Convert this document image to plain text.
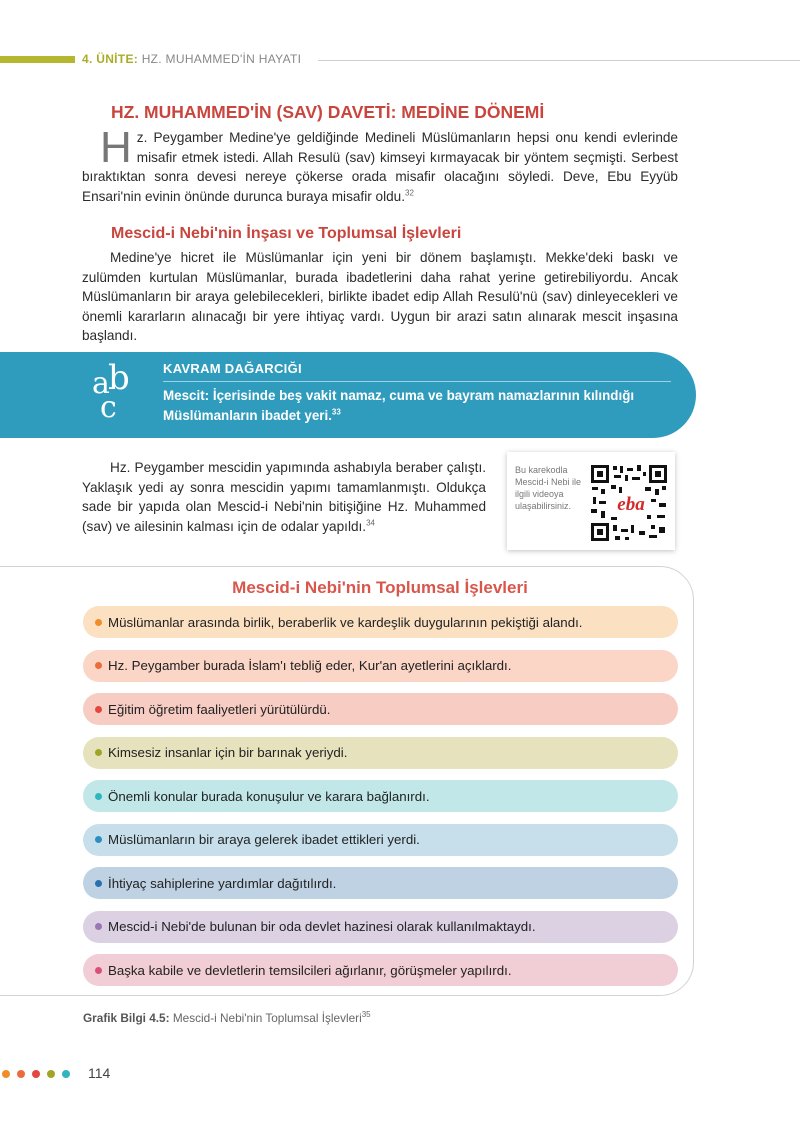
4. ÜNİTE: HZ. MUHAMMED'İN HAYATI
HZ. MUHAMMED'İN (SAV) DAVETİ: MEDİNE DÖNEMİ
H z. Peygamber Medine'ye geldiğinde Medineli Müslümanların hepsi onu kendi evlerinde misafir etmek istedi. Allah Resulü (sav) kimseyi kırmayacak bir yöntem seçmişti. Serbest bıraktıktan sonra devesi nereye çökerse orada misafir olacağını söyledi. Deve, Ebu Eyyüb Ensari'nin evinin önünde durunca buraya misafir oldu.$^{32}$
Mescid-i Nebi'nin İnşası ve Toplumsal İşlevleri

Medine'ye hicret ile Müslümanlar için yeni bir dönem başlamıştı. Mekke'deki baskı ve zulümden kurtulan Müslümanlar, burada ibadetlerini daha rahat yerine getirebiliyordu. Ancak Müslümanların bir araya gelebilecekleri, birlikte ibadet edip Allah Resulü'nü (sav) dinleyecekleri ve önemli kararların alınacağı bir yere ihtiyaç vardı. Uygun bir arazi satın alınarak mescit inşasına başlandı.

a
b
c
KAVRAM DAĞARCIĞI
Mescit: İçerisinde beş vakit namaz, cuma ve bayram namazlarının kılındığı Müslümanların ibadet yeri.$^{33}$

Hz. Peygamber mescidin yapımında ashabıyla beraber çalıştı. Yaklaşık yedi ay sonra mescidin yapımı tamamlanmıştı. Oldukça sade bir yapıda olan Mescid-i Nebi'nin bitişiğine Hz. Muhammed (sav) ve ailesinin kalması için de odalar yapıldı.$^{34}$

Bu karekodla Mescid-i Nebi ile ilgili videoya ulaşabilirsiniz.	eba
Mescid-i Nebi'nin Toplumsal İşlevleri
Müslümanlar arasında birlik, beraberlik ve kardeşlik duygularının pekiştiği alandı.
Hz. Peygamber burada İslam'ı tebliğ eder, Kur'an ayetlerini açıklardı.
Eğitim öğretim faaliyetleri yürütülürdü.
Kimsesiz insanlar için bir barınak yeriydi.
Önemli konular burada konuşulur ve karara bağlanırdı.
Müslümanların bir araya gelerek ibadet ettikleri yerdi.
İhtiyaç sahiplerine yardımlar dağıtılırdı.
Mescid-i Nebi'de bulunan bir oda devlet hazinesi olarak kullanılmaktaydı.
Başka kabile ve devletlerin temsilcileri ağırlanır, görüşmeler yapılırdı.
Grafik Bilgi 4.5: Mescid-i Nebi'nin Toplumsal İşlevleri$^{35}$
114
